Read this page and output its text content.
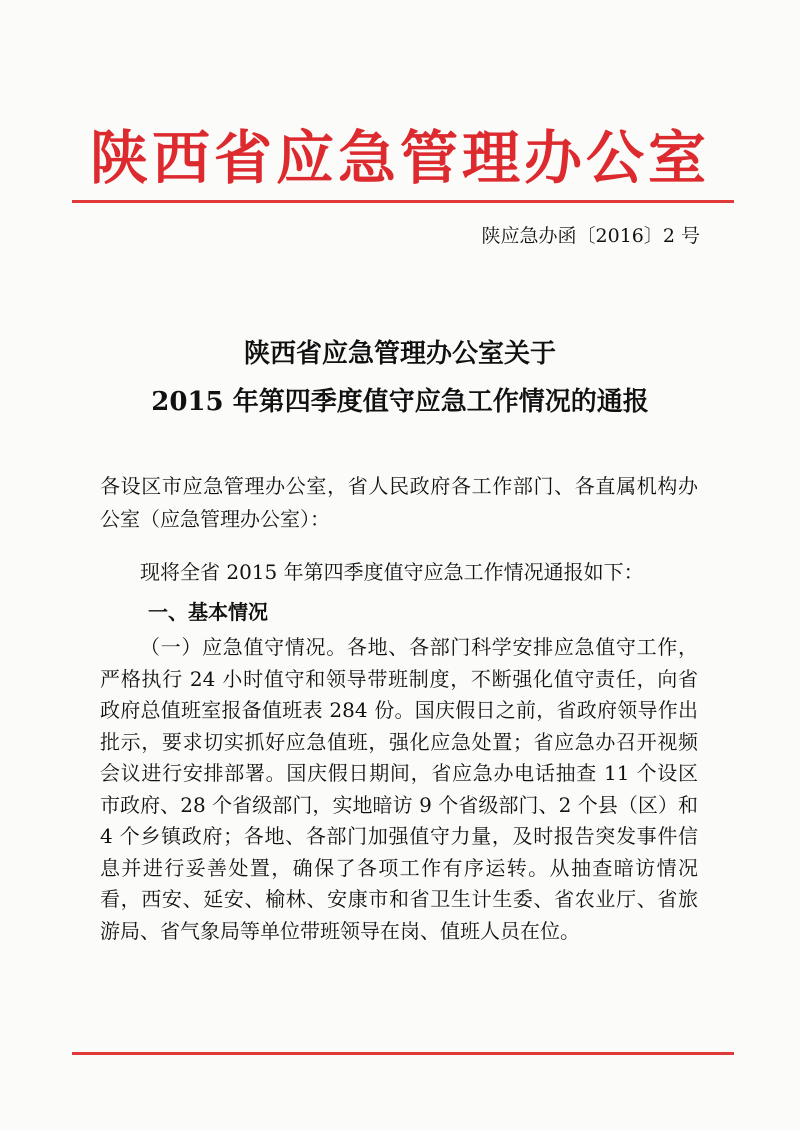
陕西省应急管理办公室
陕应急办函〔2016〕2 号
陕西省应急管理办公室关于
2015 年第四季度值守应急工作情况的通报

各设区市应急管理办公室，省人民政府各工作部门、各直属机构办公室（应急管理办公室）：

现将全省 2015 年第四季度值守应急工作情况通报如下：

一、基本情况

（一）应急值守情况。各地、各部门科学安排应急值守工作，严格执行 24 小时值守和领导带班制度，不断强化值守责任，向省政府总值班室报备值班表 284 份。国庆假日之前，省政府领导作出批示，要求切实抓好应急值班，强化应急处置；省应急办召开视频会议进行安排部署。国庆假日期间，省应急办电话抽查 11 个设区市政府、28 个省级部门，实地暗访 9 个省级部门、2 个县（区）和 4 个乡镇政府；各地、各部门加强值守力量，及时报告突发事件信息并进行妥善处置，确保了各项工作有序运转。从抽查暗访情况看，西安、延安、榆林、安康市和省卫生计生委、省农业厅、省旅游局、省气象局等单位带班领导在岗、值班人员在位。
